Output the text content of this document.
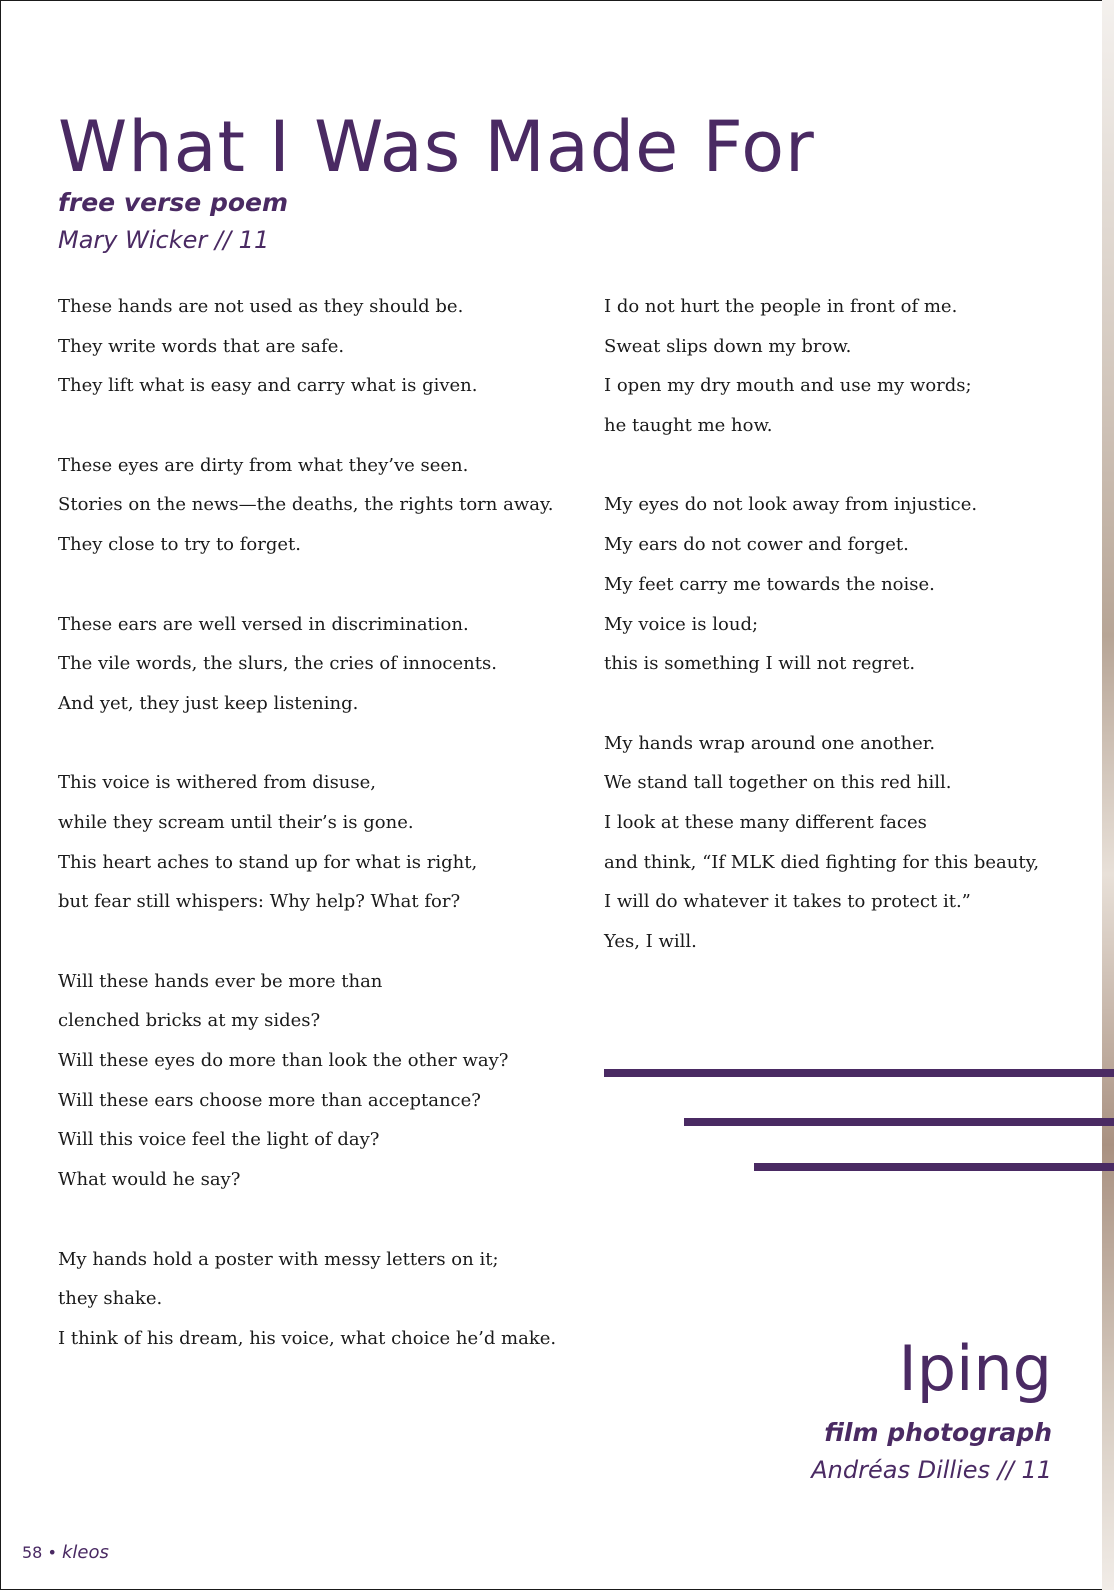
What I Was Made For
free verse poem
Mary Wicker // 11
These hands are not used as they should be.
They write words that are safe.
They lift what is easy and carry what is given.
These eyes are dirty from what they’ve seen.
Stories on the news—the deaths, the rights torn away.
They close to try to forget.
These ears are well versed in discrimination.
The vile words, the slurs, the cries of innocents.
And yet, they just keep listening.
This voice is withered from disuse,
while they scream until their’s is gone.
This heart aches to stand up for what is right,
but fear still whispers: Why help? What for?
Will these hands ever be more than
clenched bricks at my sides?
Will these eyes do more than look the other way?
Will these ears choose more than acceptance?
Will this voice feel the light of day?
What would he say?
My hands hold a poster with messy letters on it;
they shake.
I think of his dream, his voice, what choice he’d make.
I do not hurt the people in front of me.
Sweat slips down my brow.
I open my dry mouth and use my words;
he taught me how.
My eyes do not look away from injustice.
My ears do not cower and forget.
My feet carry me towards the noise.
My voice is loud;
this is something I will not regret.
My hands wrap around one another.
We stand tall together on this red hill.
I look at these many different faces
and think, “If MLK died fighting for this beauty,
I will do whatever it takes to protect it.”
Yes, I will.
Iping
film photograph
Andréas Dillies // 11
58 • kleos
